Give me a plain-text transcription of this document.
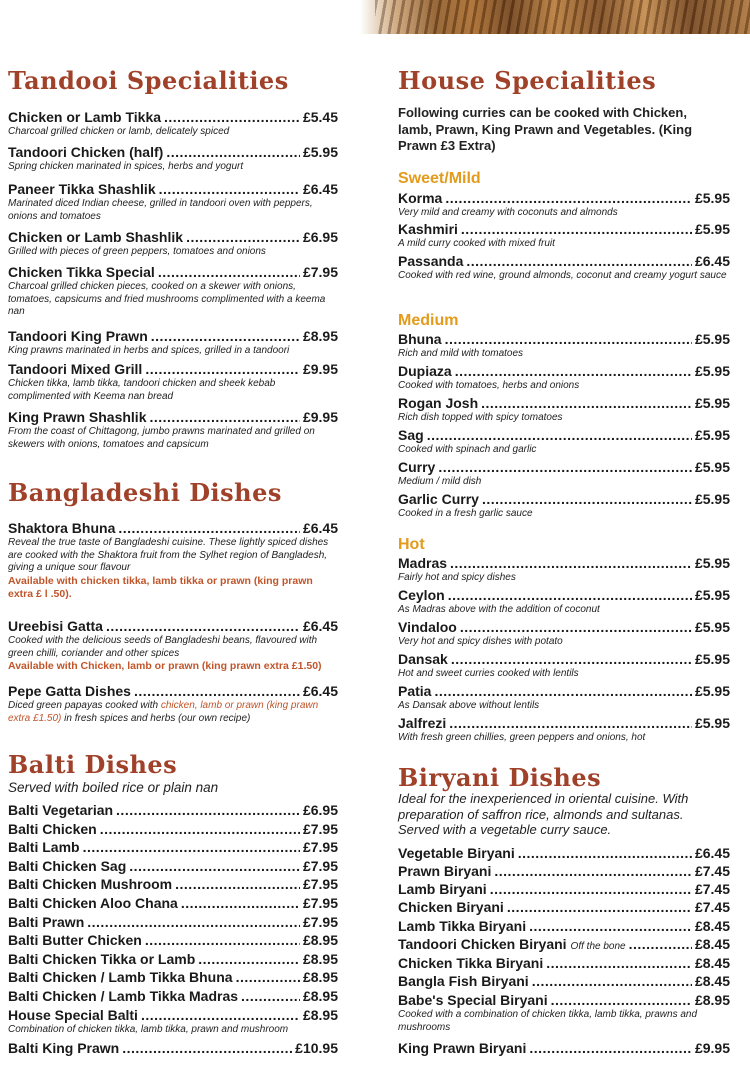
Tandooi Specialities
Chicken or Lamb Tikka .....	£5.45
Charcoal grilled chicken or lamb, delicately spiced
Tandoori Chicken (half) .....	£5.95
Spring chicken marinated in spices, herbs and yogurt
Paneer Tikka Shashlik .....	£6.45
Marinated diced Indian cheese, grilled in tandoori oven with peppers, onions and tomatoes
Chicken or Lamb Shashlik .....	£6.95
Grilled with pieces of green peppers, tomatoes and onions
Chicken Tikka Special .....	£7.95
Charcoal grilled chicken pieces, cooked on a skewer with onions, tomatoes, capsicums and fried mushrooms complimented with a keema nan
Tandoori King Prawn .....	£8.95
King prawns marinated in herbs and spices, grilled in a tandoori
Tandoori Mixed Grill .....	£9.95
Chicken tikka, lamb tikka, tandoori chicken and sheek kebab complimented with Keema nan bread
King Prawn Shashlik .....	£9.95
From the coast of Chittagong, jumbo prawns marinated and grilled on skewers with onions, tomatoes and capsicum
Bangladeshi Dishes
Shaktora Bhuna .....	£6.45
Reveal the true taste of Bangladeshi cuisine. These lightly spiced dishes are cooked with the Shaktora fruit from the Sylhet region of Bangladesh, giving a unique sour flavour
Available with chicken tikka, lamb tikka or prawn (king prawn extra £ l .50).
Ureebisi Gatta .....	£6.45
Cooked with the delicious seeds of Bangladeshi beans, flavoured with green chilli, coriander and other spices
Available with Chicken, lamb or prawn (king prawn extra £1.50)
Pepe Gatta Dishes .....	£6.45
Diced green papayas cooked with chicken, lamb or prawn (king prawn extra £1.50) in fresh spices and herbs (our own recipe)
Balti Dishes
Served with boiled rice or plain nan
Balti Vegetarian .....	£6.95
Balti Chicken .....	£7.95
Balti Lamb .....	£7.95
Balti Chicken Sag .....	£7.95
Balti Chicken Mushroom .....	£7.95
Balti Chicken Aloo Chana .....	£7.95
Balti Prawn .....	£7.95
Balti Butter Chicken .....	£8.95
Balti Chicken Tikka or Lamb .....	£8.95
Balti Chicken / Lamb Tikka Bhuna .....	£8.95
Balti Chicken / Lamb Tikka Madras .....	£8.95
House Special Balti .....	£8.95
Combination of chicken tikka, lamb tikka, prawn and mushroom
Balti King Prawn .....	£10.95
House Specialities
Following curries can be cooked with Chicken, lamb, Prawn, King Prawn and Vegetables. (King Prawn £3 Extra)
Sweet/Mild
Korma .....	£5.95
Very mild and creamy with coconuts and almonds
Kashmiri .....	£5.95
A mild curry cooked with mixed fruit
Passanda .....	£6.45
Cooked with red wine, ground almonds, coconut and creamy yogurt sauce
Medium
Bhuna .....	£5.95
Rich and mild with tomatoes
Dupiaza .....	£5.95
Cooked with tomatoes, herbs and onions
Rogan Josh .....	£5.95
Rich dish topped with spicy tomatoes
Sag .....	£5.95
Cooked with spinach and garlic
Curry .....	£5.95
Medium / mild dish
Garlic Curry .....	£5.95
Cooked in a fresh garlic sauce
Hot
Madras .....	£5.95
Fairly hot and spicy dishes
Ceylon .....	£5.95
As Madras above with the addition of coconut
Vindaloo .....	£5.95
Very hot and spicy dishes with potato
Dansak .....	£5.95
Hot and sweet curries cooked with lentils
Patia .....	£5.95
As Dansak above without lentils
Jalfrezi .....	£5.95
With fresh green chillies, green peppers and onions, hot
Biryani Dishes
Ideal for the inexperienced in oriental cuisine. With preparation of saffron rice, almonds and sultanas. Served with a vegetable curry sauce.
Vegetable Biryani .....	£6.45
Prawn Biryani .....	£7.45
Lamb Biryani .....	£7.45
Chicken Biryani .....	£7.45
Lamb Tikka Biryani .....	£8.45
Tandoori Chicken Biryani Off the bone .....	£8.45
Chicken Tikka Biryani .....	£8.45
Bangla Fish Biryani .....	£8.45
Babe's Special Biryani .....	£8.95
Cooked with a combination of chicken tikka, lamb tikka, prawns and mushrooms
King Prawn Biryani .....	£9.95
